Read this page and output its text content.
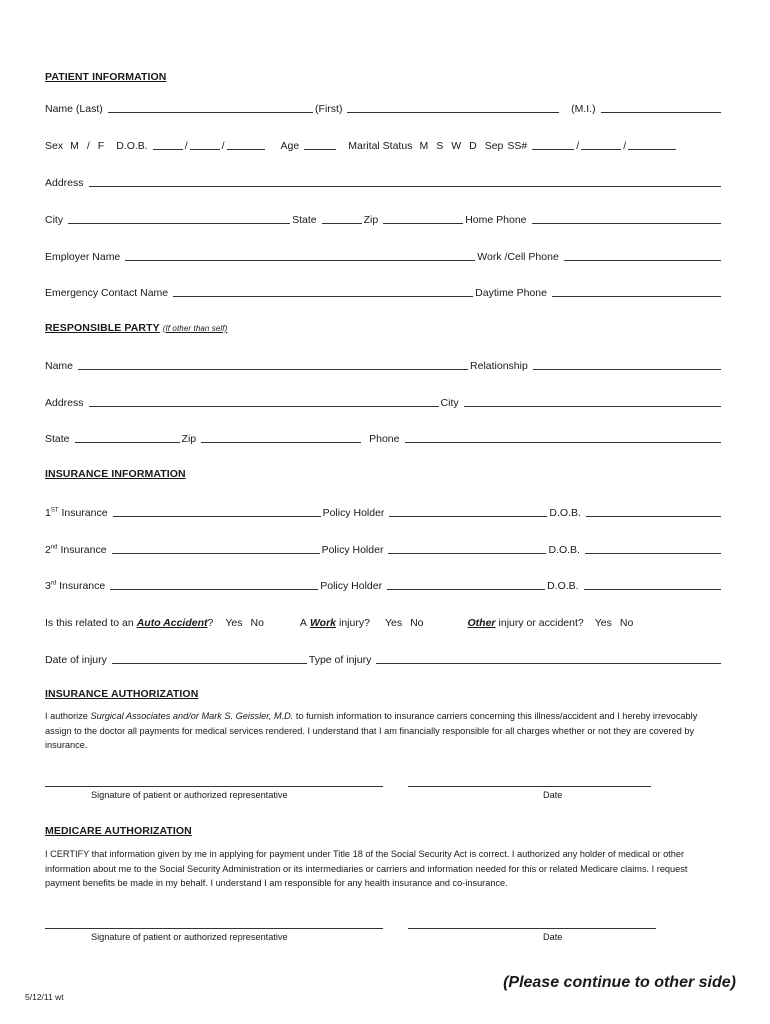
PATIENT INFORMATION
Name (Last)	(First)	(M.I.)
Sex M / F	D.O.B.	/	/	Age	Marital Status M S W D Sep SS#	/	/
Address
City	State	Zip	Home Phone
Employer Name	Work /Cell Phone
Emergency Contact Name	Daytime Phone
RESPONSIBLE PARTY (If other than self)
Name	Relationship
Address	City
State	Zip	Phone
INSURANCE INFORMATION
1ST Insurance	Policy Holder	D.O.B.
2nd Insurance	Policy Holder	D.O.B.
3rd Insurance	Policy Holder	D.O.B.
Is this related to an Auto Accident ?	Yes No	A Work injury?	Yes No	Other injury or accident?	Yes No
Date of injury	Type of injury
INSURANCE AUTHORIZATION
I authorize Surgical Associates and/or Mark S. Geissler, M.D. to furnish information to insurance carriers concerning this illness/accident and I hereby irrevocably assign to the doctor all payments for medical services rendered. I understand that I am financially responsible for all charges whether or not they are covered by insurance.
Signature of patient or authorized representative	Date
MEDICARE AUTHORIZATION
I CERTIFY that information given by me in applying for payment under Title 18 of the Social Security Act is correct. I authorized any holder of medical or other information about me to the Social Security Administration or its intermediaries or carriers and information needed for this or related Medicare claims. I request payment benefits be made in my behalf. I understand I am responsible for any health insurance and co-insurance.
Signature of patient or authorized representative	Date
(Please continue to other side)
5/12/11 wt
